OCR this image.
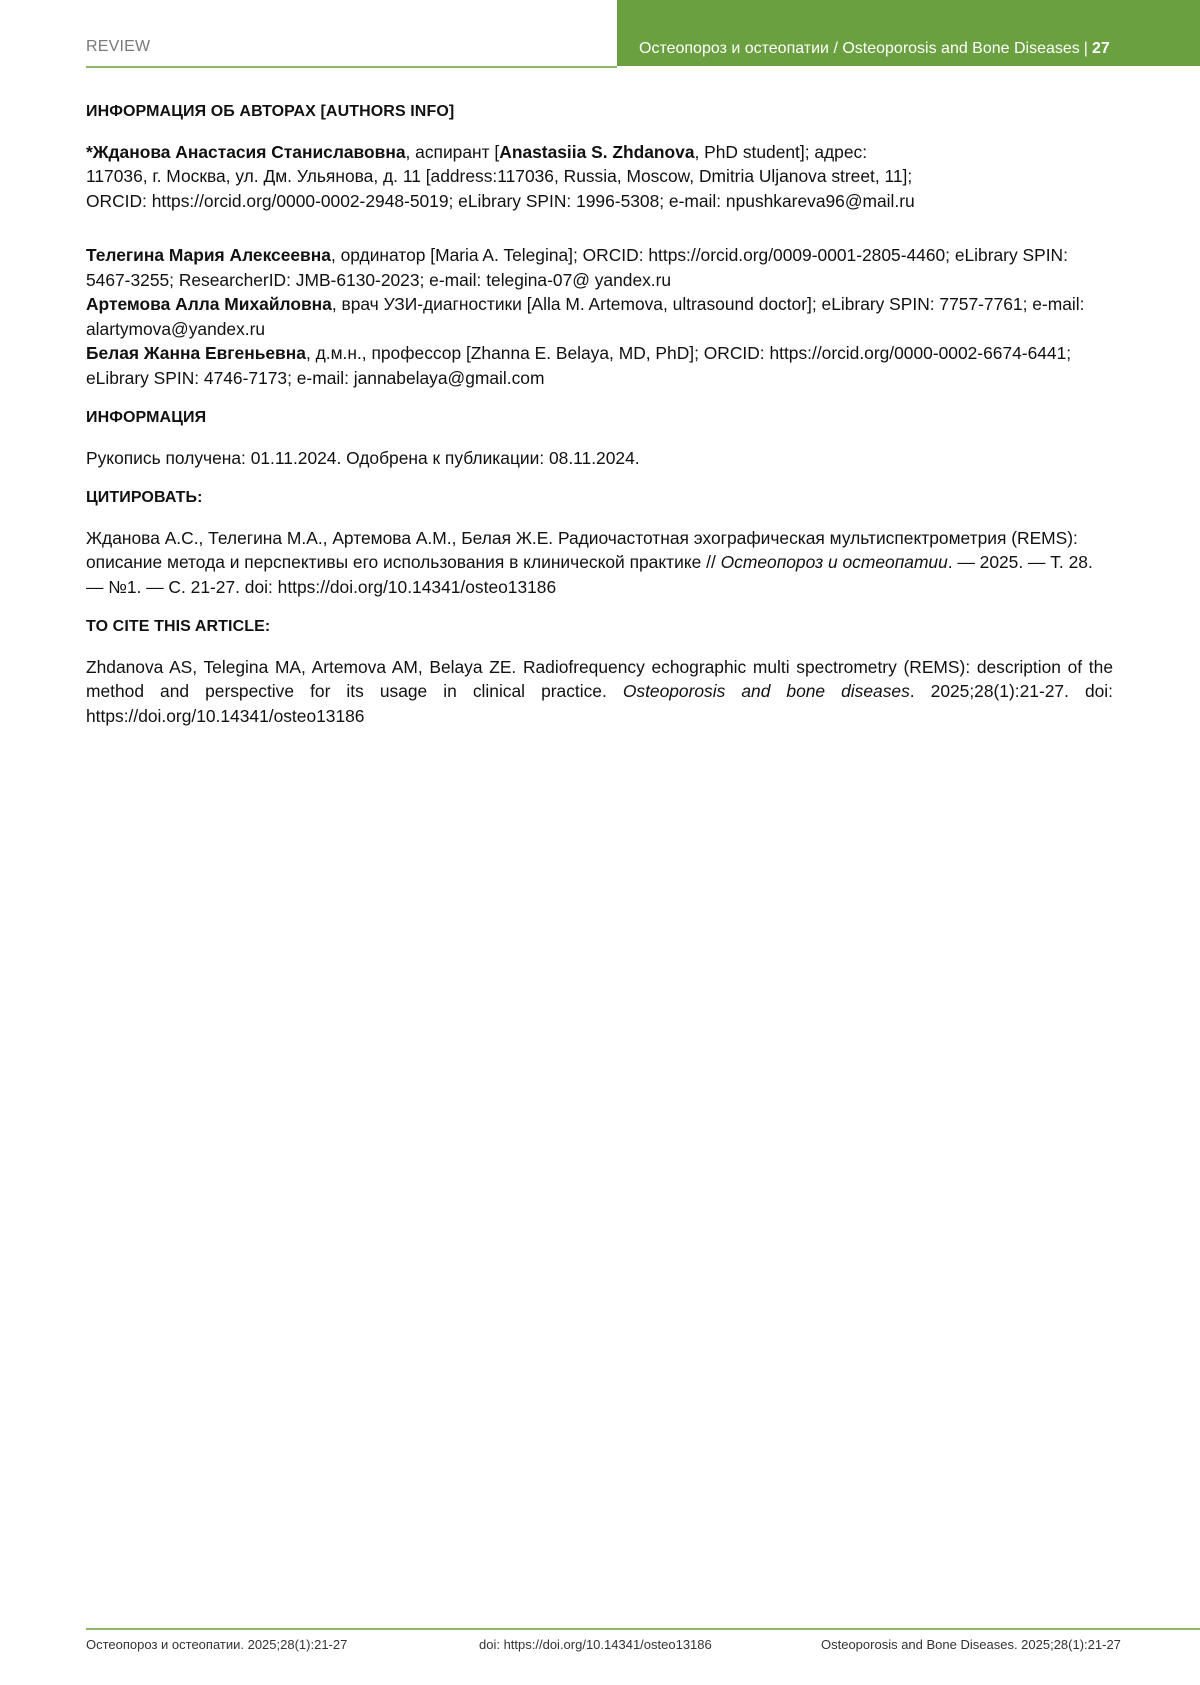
REVIEW	Остеопороз и остеопатии / Osteoporosis and Bone Diseases | 27
ИНФОРМАЦИЯ ОБ АВТОРАХ [AUTHORS INFO]
*Жданова Анастасия Станиславовна, аспирант [Anastasiia S. Zhdanova, PhD student]; адрес:
117036, г. Москва, ул. Дм. Ульянова, д. 11 [address:117036, Russia, Moscow, Dmitria Uljanova street, 11];
ORCID: https://orcid.org/0000-0002-2948-5019; eLibrary SPIN: 1996-5308; e-mail: npushkareva96@mail.ru
Телегина Мария Алексеевна, ординатор [Maria A. Telegina]; ORCID: https://orcid.org/0009-0001-2805-4460; eLibrary SPIN: 5467-3255; ResearcherID: JMB-6130-2023; e-mail: telegina-07@ yandex.ru
Артемова Алла Михайловна, врач УЗИ-диагностики [Alla M. Artemova, ultrasound doctor]; eLibrary SPIN: 7757-7761; e-mail: alartymova@yandex.ru
Белая Жанна Евгеньевна, д.м.н., профессор [Zhanna E. Belaya, MD, PhD]; ORCID: https://orcid.org/0000-0002-6674-6441; eLibrary SPIN: 4746-7173; e-mail: jannabelaya@gmail.com
ИНФОРМАЦИЯ
Рукопись получена: 01.11.2024. Одобрена к публикации: 08.11.2024.
ЦИТИРОВАТЬ:
Жданова А.С., Телегина М.А., Артемова А.М., Белая Ж.Е. Радиочастотная эхографическая мультиспектрометрия (REMS): описание метода и перспективы его использования в клинической практике // Остеопороз и остеопатии. — 2025. — Т. 28. — №1. — С. 21-27. doi: https://doi.org/10.14341/osteo13186
TO CITE THIS ARTICLE:
Zhdanova AS, Telegina MA, Artemova AM, Belaya ZE. Radiofrequency echographic multi spectrometry (REMS): description of the method and perspective for its usage in clinical practice. Osteoporosis and bone diseases. 2025;28(1):21-27. doi: https://doi.org/10.14341/osteo13186
Остеопороз и остеопатии. 2025;28(1):21-27	doi: https://doi.org/10.14341/osteo13186	Osteoporosis and Bone Diseases. 2025;28(1):21-27
